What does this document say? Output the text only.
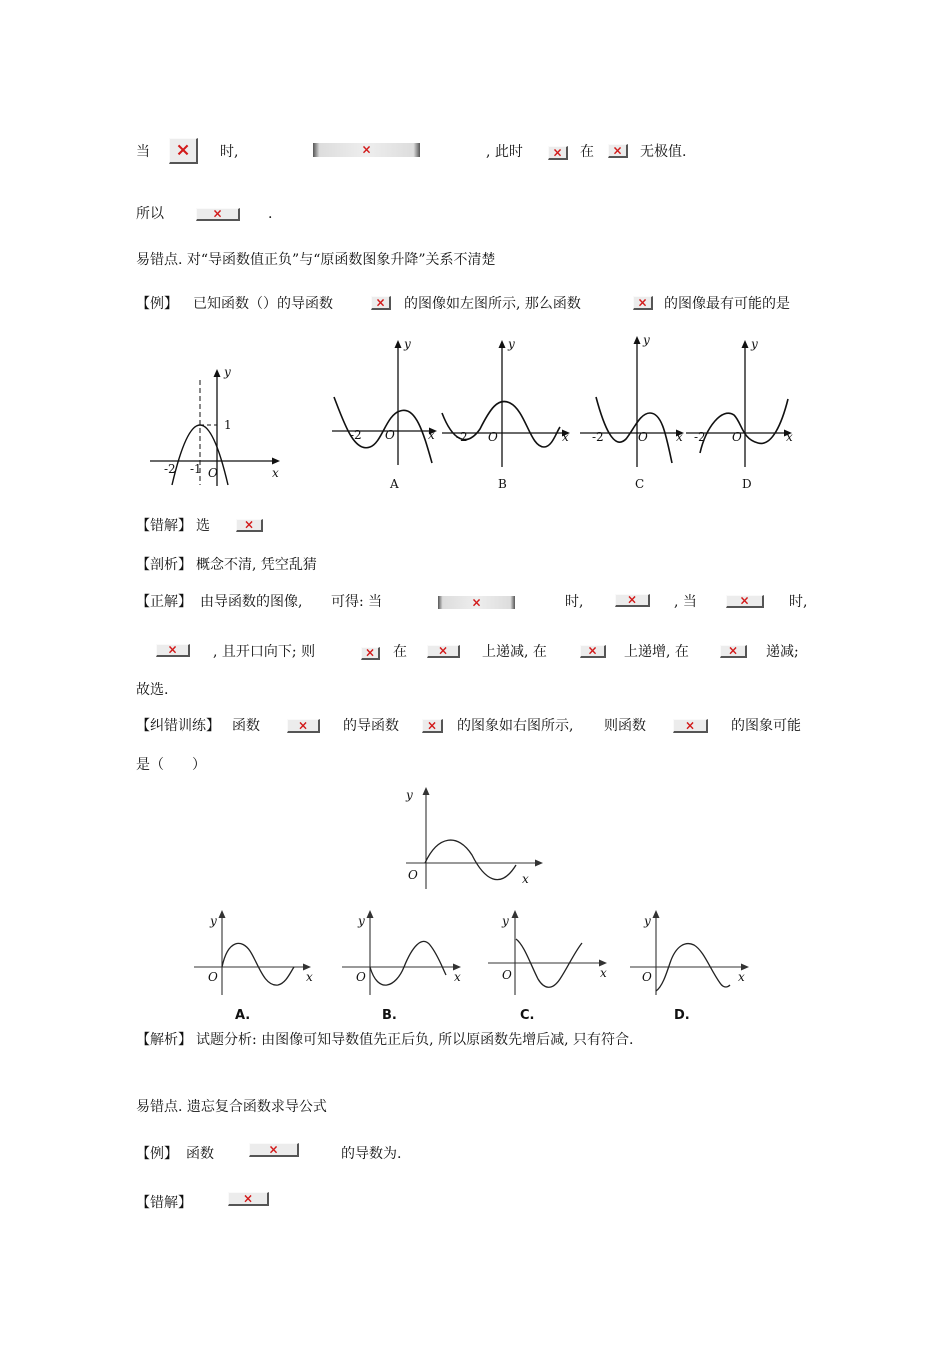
当 ×	时, ×	, 此时 ×	在 ×	无极值.
所以 ×	.
易错点. 对“导函数值正负”与“原函数图象升降”关系不清楚
【例】 已知函数（）的导函数 ×	的图像如左图所示, 那么函数 ×	的图像最有可能的是
y
x
O
1
-2 -1
y
x
O
-2
A
y
x
O
-2
B
y
x
O
-2
C
y
x
O
-2
D
【错解】 选
×
【剖析】 概念不清, 凭空乱猜
【正解】 由导函数的图像, 可得: 当 ×	时, ×	, 当 ×	时,
×
, 且开口向下; 则 ×	在 ×	上递减, 在 ×	上递增, 在 ×	递减;
故选.
【纠错训练】 函数 ×	的导函数 ×	的图象如右图所示, 则函数 ×	的图象可能
是（　　）
y
x
O
y
x
O
A.
y
x
O
B.
y
x
O
C.
y
x
O
D.
【解析】 试题分析: 由图像可知导数值先正后负, 所以原函数先增后减, 只有符合.
易错点. 遗忘复合函数求导公式
【例】 函数 ×	的导数为.
【错解】
×
